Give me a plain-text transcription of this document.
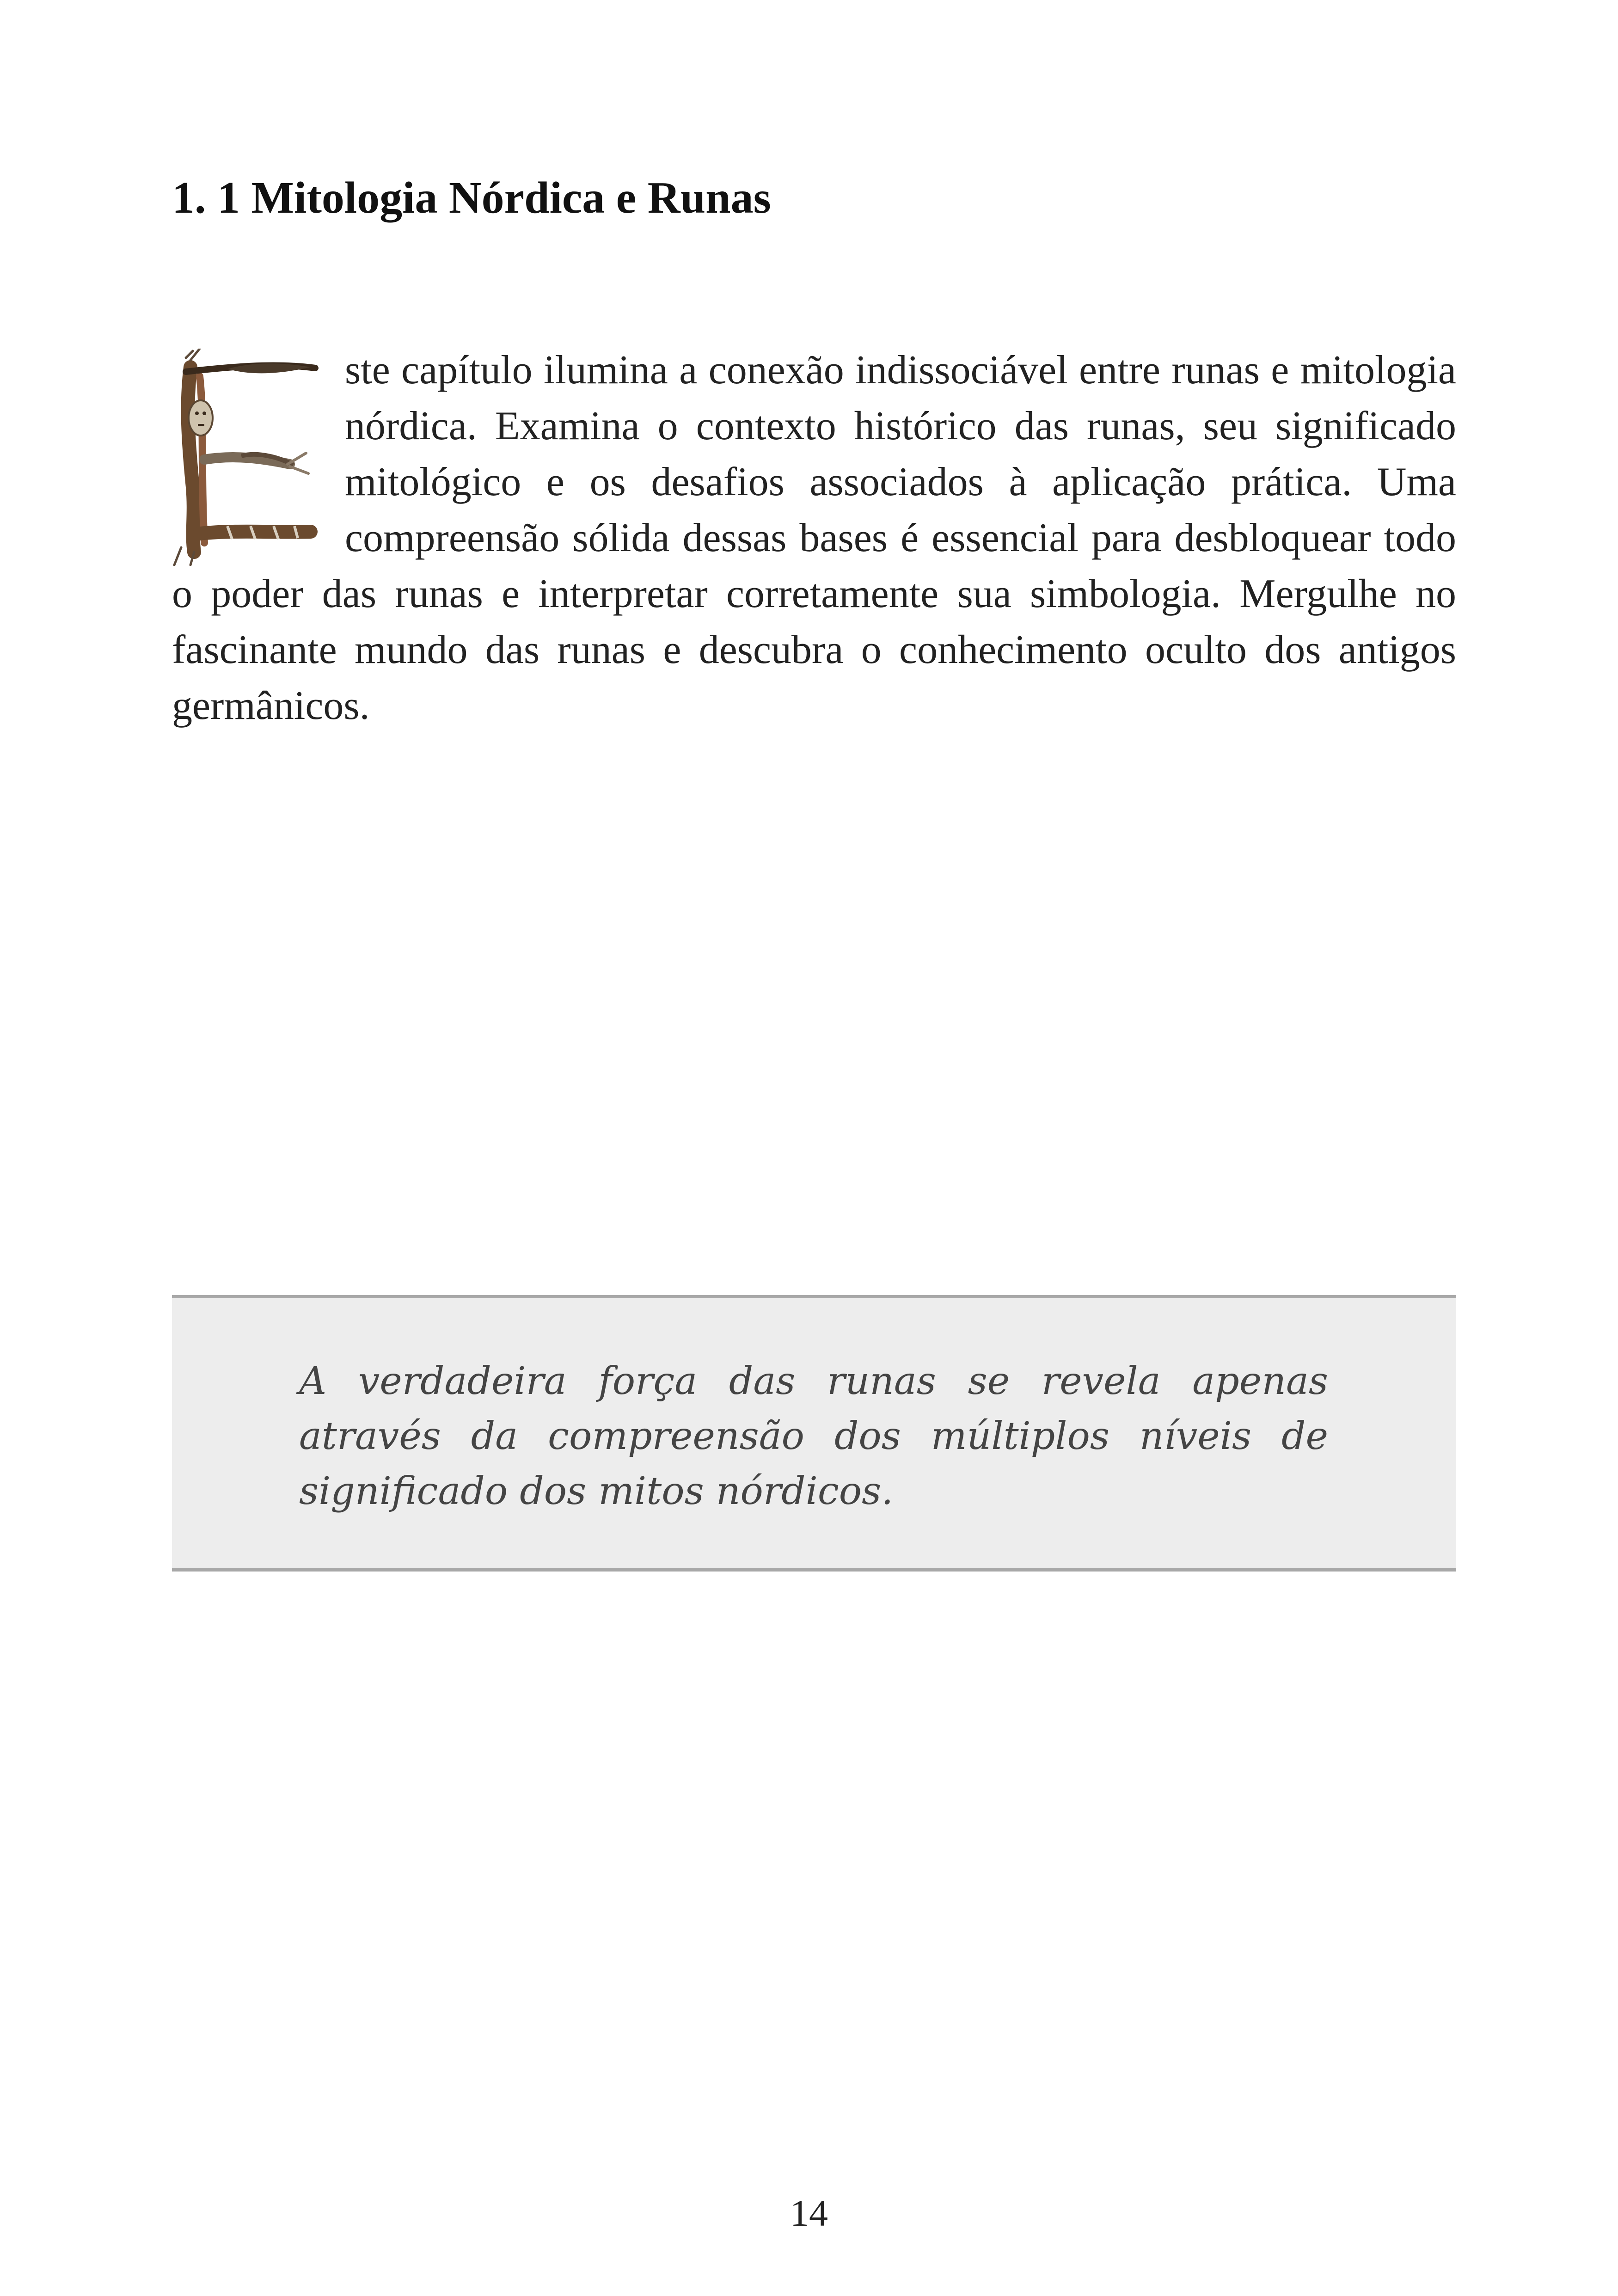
1. 1 Mitologia Nórdica e Runas

ste capítulo ilumina a conexão indissociável entre runas e mitologia nórdica. Examina o contexto histórico das runas, seu significado mitológico e os desafios associados à aplicação prática. Uma compreensão sólida dessas bases é essencial para desbloquear todo o poder das runas e interpretar corretamente sua simbologia. Mergulhe no fascinante mundo das runas e descubra o conhecimento oculto dos antigos germânicos.

A verdadeira força das runas se revela apenas através da compreensão dos múltiplos níveis de significado dos mitos nórdicos.

14
